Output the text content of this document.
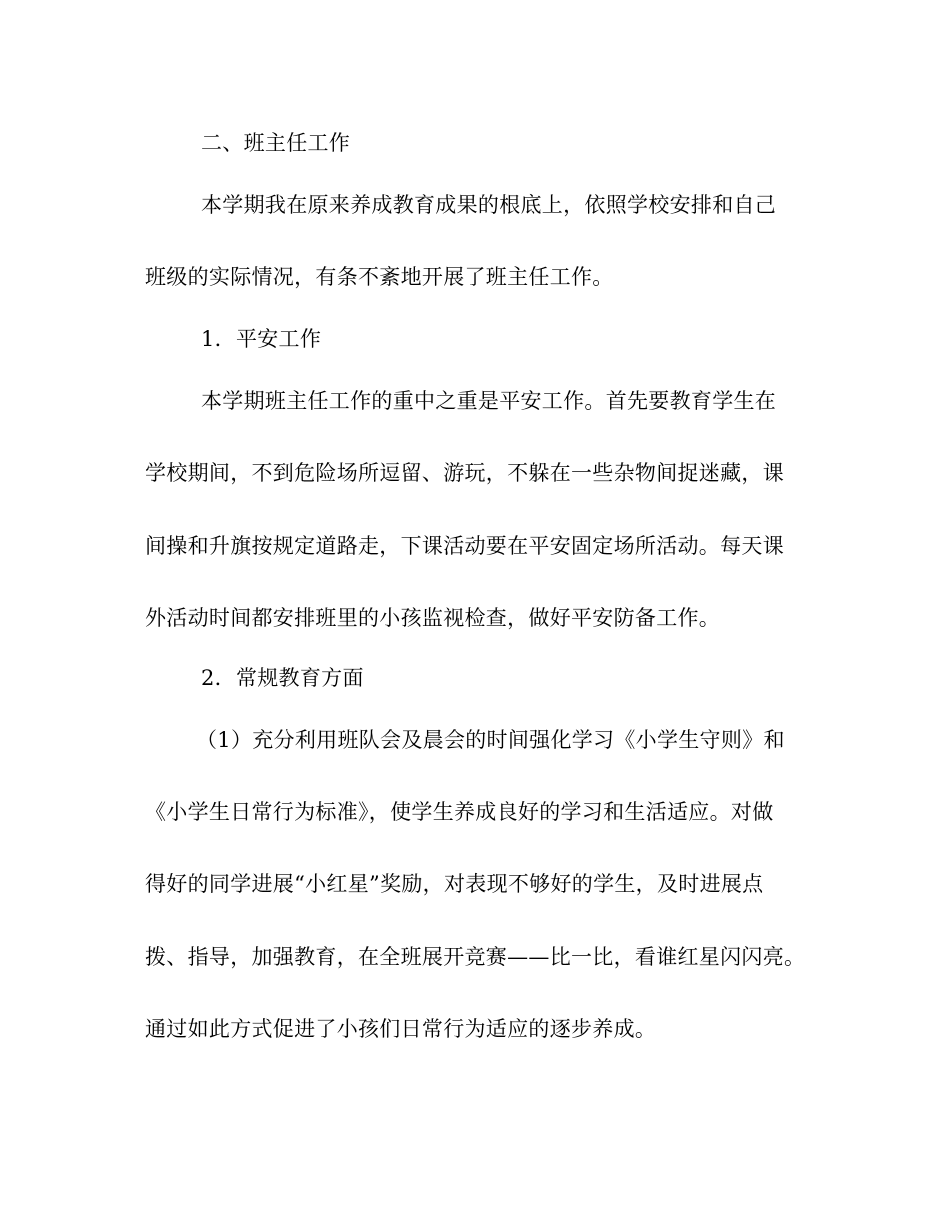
二、班主任工作
本学期我在原来养成教育成果的根底上，依照学校安排和自己
班级的实际情况，有条不紊地开展了班主任工作。
1．平安工作
本学期班主任工作的重中之重是平安工作。首先要教育学生在
学校期间，不到危险场所逗留、游玩，不躲在一些杂物间捉迷藏，课
间操和升旗按规定道路走，下课活动要在平安固定场所活动。每天课
外活动时间都安排班里的小孩监视检查，做好平安防备工作。
2．常规教育方面
（1）充分利用班队会及晨会的时间强化学习《小学生守则》和
《小学生日常行为标准》，使学生养成良好的学习和生活适应。对做
得好的同学进展“小红星”奖励，对表现不够好的学生，及时进展点
拨、指导，加强教育，在全班展开竞赛——比一比，看谁红星闪闪亮。
通过如此方式促进了小孩们日常行为适应的逐步养成。
